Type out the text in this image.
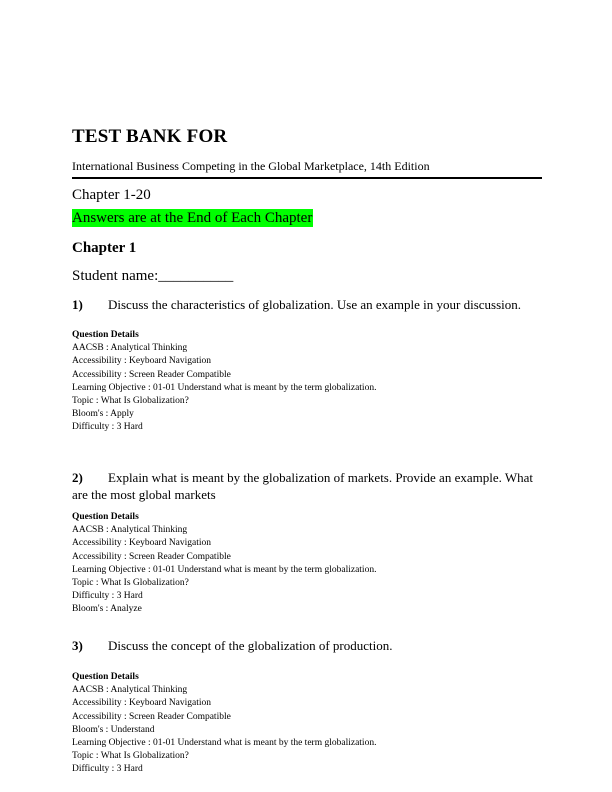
TEST BANK FOR
International Business Competing in the Global Marketplace, 14th Edition
Chapter 1-20
Answers are at the End of Each Chapter
Chapter 1
Student name:__________
1) Discuss the characteristics of globalization. Use an example in your discussion.
Question Details
AACSB : Analytical Thinking
Accessibility : Keyboard Navigation
Accessibility : Screen Reader Compatible
Learning Objective : 01-01 Understand what is meant by the term globalization.
Topic : What Is Globalization?
Bloom's : Apply
Difficulty : 3 Hard
2) Explain what is meant by the globalization of markets. Provide an example. What are the most global markets
Question Details
AACSB : Analytical Thinking
Accessibility : Keyboard Navigation
Accessibility : Screen Reader Compatible
Learning Objective : 01-01 Understand what is meant by the term globalization.
Topic : What Is Globalization?
Difficulty : 3 Hard
Bloom's : Analyze
3) Discuss the concept of the globalization of production.
Question Details
AACSB : Analytical Thinking
Accessibility : Keyboard Navigation
Accessibility : Screen Reader Compatible
Bloom's : Understand
Learning Objective : 01-01 Understand what is meant by the term globalization.
Topic : What Is Globalization?
Difficulty : 3 Hard
